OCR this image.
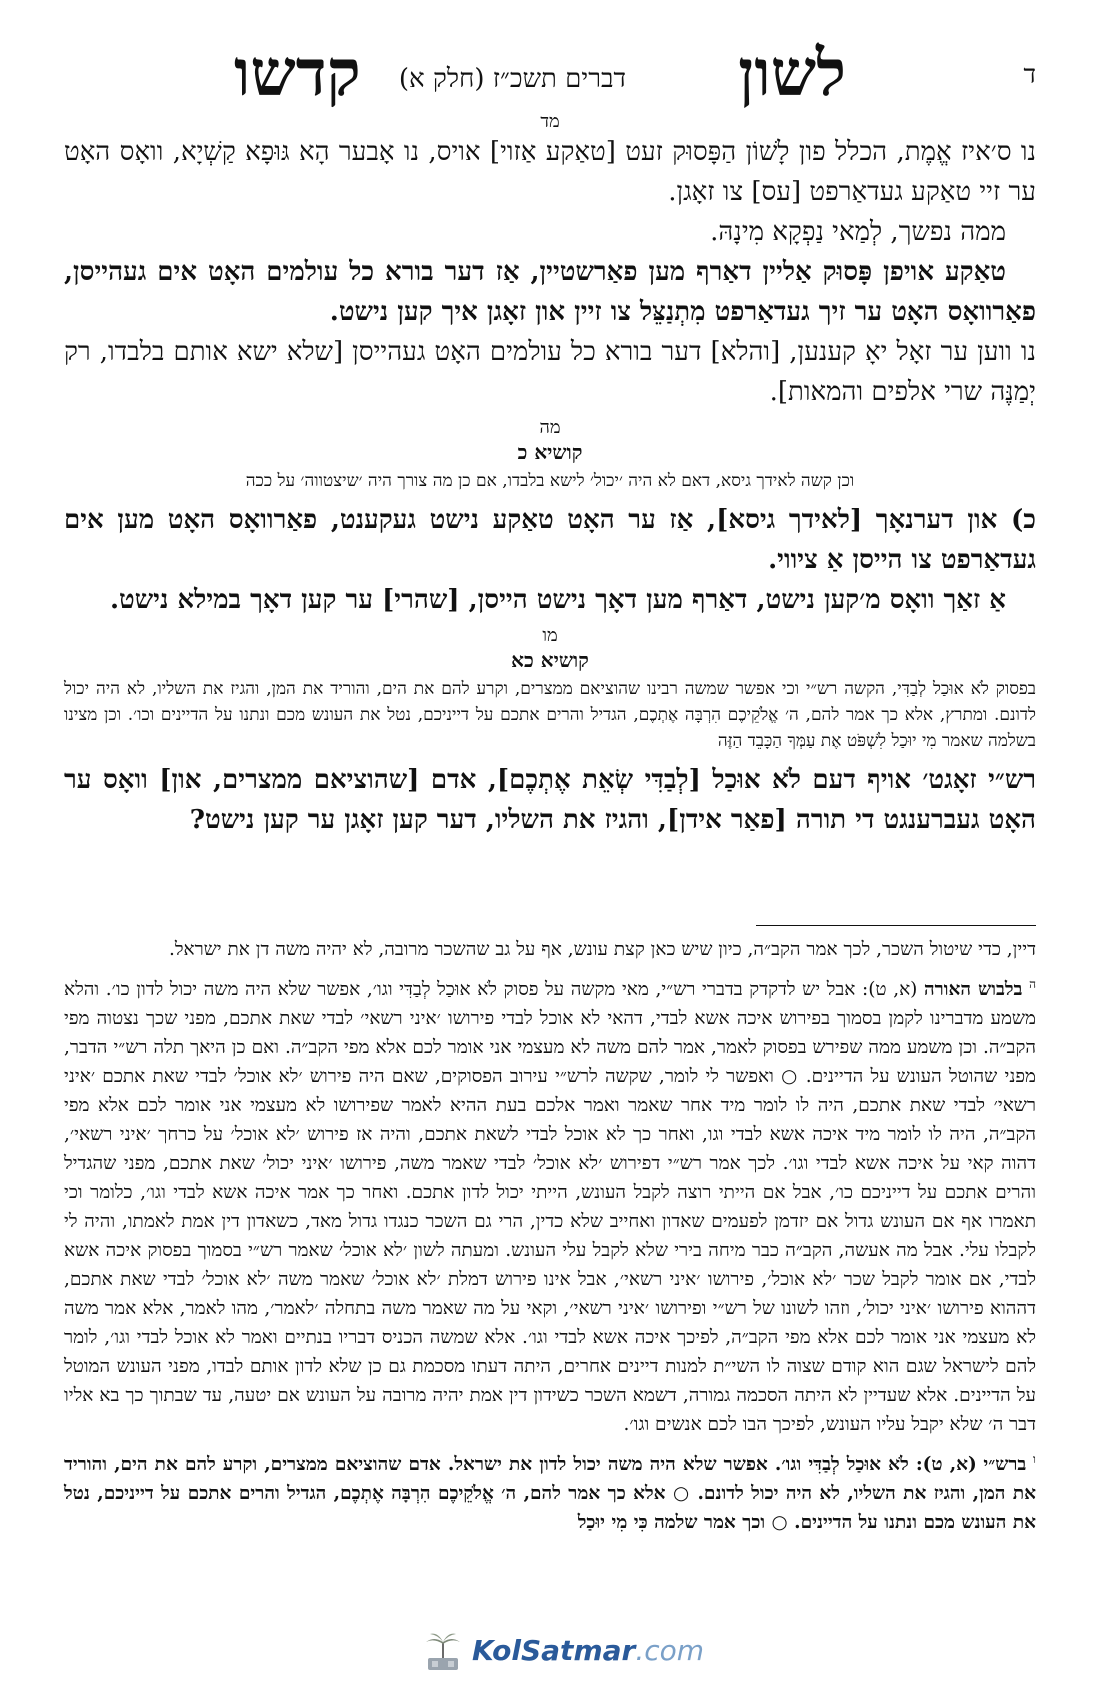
ד
לשון
דברים תשכ״ז (חלק א)
קדשו

מד

נו ס׳איז אֱמֶת, הכלל פון לָשׁוֹן הַפָּסוּק זעט [טאַקע אַזוי] אויס, נו אָבער הָא גּוּפָא קַשְׁיָא, וואָס האָט ער זיי טאַקע געדאַרפט [עס] צו זאָגן.

ממה נפשך, לְמַאי נַפְקָא מִינָהּ.

טאַקע אויפן פָּסוּק אַליין דאַרף מען פאַרשטיין, אַז דער בורא כל עולמים האָט אים געהייסן, פאַרוואָס האָט ער זיך געדאַרפט מִתְנַצֵּל צו זיין און זאָגן איך קען נישט.

נו ווען ער זאָל יאָ קענען, [והלא] דער בורא כל עולמים האָט געהייסן [שלא ישא אותם בלבדו, רק יְמַנֶּה שרי אלפים והמאות].

מה

קושיא כ

וכן קשה לאידך גיסא, דאם לא היה ׳יכול׳ לישא בלבדו, אם כן מה צורך היה ׳שיצטווה׳ על ככה

כ) און דערנאָך [לאידך גיסא], אַז ער האָט טאַקע נישט געקענט, פאַרוואָס האָט מען אים געדאַרפט צו הייסן אַ ציווי.

אַ זאַך וואָס מ׳קען נישט, דאַרף מען דאָך נישט הייסן, [שהרי] ער קען דאָך במילא נישט.

מו

קושיא כא

בפסוק לֹא אוּכַל לְבַדִּי, הקשה רש״י וכי אפשר שמשה רבינו שהוציאם ממצרים, וקרע להם את הים, והוריד את המן, והגיז את השליו, לא היה יכול לדונם. ומתרץ, אלא כך אמר להם, ה׳ אֱלֹקֵיכֶם הִרְבָּה אֶתְכֶם, הגדיל והרים אתכם על דייניכם, נטל את העונש מכם ונתנו על הדיינים וכו׳. וכן מצינו בשלמה שאמר מִי יוּכַל לִשְׁפֹּט אֶת עַמְּךָ הַכָּבֵד הַזֶּה

רש״י זאָגט׳ אויף דעם לֹא אוּכַל [לְבַדִּי שְׂאֵת אֶתְכֶם], אדם [שהוציאם ממצרים, און] וואָס ער האָט געברענגט די תורה [פאַר אידן], והגיז את השליו, דער קען זאָגן ער קען נישט?

דיין, כדי שיטול השכר, לכך אמר הקב״ה, כיון שיש כאן קצת עונש, אף על גב שהשכר מרובה, לא יהיה משה דן את ישראל.

$^ה$ בלבוש האורה (א, ט): אבל יש לדקדק בדברי רש״י, מאי מקשה על פסוק לֹא אוּכַל לְבַדִּי וגו׳, אפשר שלא היה משה יכול לדון כו׳. והלא משמע מדברינו לקמן בסמוך בפירוש איכה אשא לבדי, דהאי לא אוכל לבדי פירושו ׳איני רשאי׳ לבדי שאת אתכם, מפני שכך נצטוה מפי הקב״ה. וכן משמע ממה שפירש בפסוק לאמר, אמר להם משה לא מעצמי אני אומר לכם אלא מפי הקב״ה. ואם כן היאך תלה רש״י הדבר, מפני שהוטל העונש על הדיינים. ○ ואפשר לי לומר, שקשה לרש״י עירוב הפסוקים, שאם היה פירוש ׳לא אוכל׳ לבדי שאת אתכם ׳איני רשאי׳ לבדי שאת אתכם, היה לו לומר מיד אחר שאמר ואמר אלכם בעת ההיא לאמר שפירושו לא מעצמי אני אומר לכם אלא מפי הקב״ה, היה לו לומר מיד איכה אשא לבדי וגו, ואחר כך לא אוכל לבדי לשאת אתכם, והיה אז פירוש ׳לא אוכל׳ על כרחך ׳איני רשאי׳, דהוה קאי על איכה אשא לבדי וגו׳. לכך אמר רש״י דפירוש ׳לא אוכל׳ לבדי שאמר משה, פירושו ׳איני יכול׳ שאת אתכם, מפני שהגדיל והרים אתכם על דייניכם כו׳, אבל אם הייתי רוצה לקבל העונש, הייתי יכול לדון אתכם. ואחר כך אמר איכה אשא לבדי וגו׳, כלומר וכי תאמרו אף אם העונש גדול אם יזדמן לפעמים שאדון ואחייב שלא כדין, הרי גם השכר כנגדו גדול מאד, כשאדון דין אמת לאמתו, והיה לי לקבלו עלי. אבל מה אעשה, הקב״ה כבר מיחה בירי שלא לקבל עלי העונש. ומעתה לשון ׳לא אוכל׳ שאמר רש״י בסמוך בפסוק איכה אשא לבדי, אם אומר לקבל שכר ׳לא אוכל׳, פירושו ׳איני רשאי׳, אבל אינו פירוש דמלת ׳לא אוכל׳ שאמר משה ׳לא אוכל׳ לבדי שאת אתכם, דההוא פירושו ׳איני יכול׳, וזהו לשונו של רש״י ופירושו ׳איני רשאי׳, וקאי על מה שאמר משה בתחלה ׳לאמר׳, מהו לאמר, אלא אמר משה לא מעצמי אני אומר לכם אלא מפי הקב״ה, לפיכך איכה אשא לבדי וגו׳. אלא שמשה הכניס דבריו בנתיים ואמר לא אוכל לבדי וגו׳, לומר להם לישראל שגם הוא קודם שצוה לו השי״ת למנות דיינים אחרים, היתה דעתו מסכמת גם כן שלא לדון אותם לבדו, מפני העונש המוטל על הדיינים. אלא שעדיין לא היתה הסכמה גמורה, דשמא השכר כשידון דין אמת יהיה מרובה על העונש אם יטעה, עד שבתוך כך בא אליו דבר ה׳ שלא יקבל עליו העונש, לפיכך הבו לכם אנשים וגו׳.

$^ו$ ברש״י (א, ט): לֹא אוּכַל לְבַדִּי וגו׳. אפשר שלא היה משה יכול לדון את ישראל. אדם שהוציאם ממצרים, וקרע להם את הים, והוריד את המן, והגיז את השליו, לא היה יכול לדונם. ○ אלא כך אמר להם, ה׳ אֱלֹקֵיכֶם הִרְבָּה אֶתְכֶם, הגדיל והרים אתכם על דייניכם, נטל את העונש מכם ונתנו על הדיינים. ○ וכך אמר שלמה כִּי מִי יוּכַל

KolSatmar.com
